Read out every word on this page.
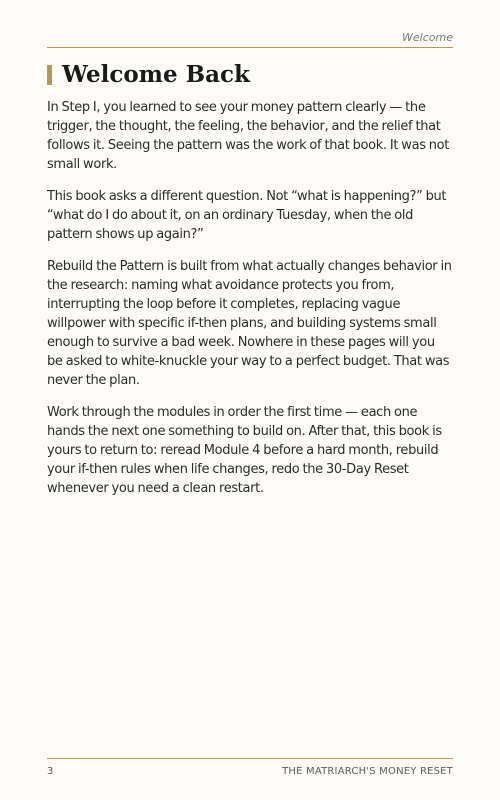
Welcome
Welcome Back

In Step I, you learned to see your money pattern clearly — the trigger, the thought, the feeling, the behavior, and the relief that follows it. Seeing the pattern was the work of that book. It was not small work.

This book asks a different question. Not “what is happening?” but “what do I do about it, on an ordinary Tuesday, when the old pattern shows up again?”

Rebuild the Pattern is built from what actually changes behavior in the research: naming what avoidance protects you from, interrupting the loop before it completes, replacing vague willpower with specific if-then plans, and building systems small enough to survive a bad week. Nowhere in these pages will you be asked to white-knuckle your way to a perfect budget. That was never the plan.

Work through the modules in order the first time — each one hands the next one something to build on. After that, this book is yours to return to: reread Module 4 before a hard month, rebuild your if-then rules when life changes, redo the 30-Day Reset whenever you need a clean restart.

3	THE MATRIARCH'S MONEY RESET
